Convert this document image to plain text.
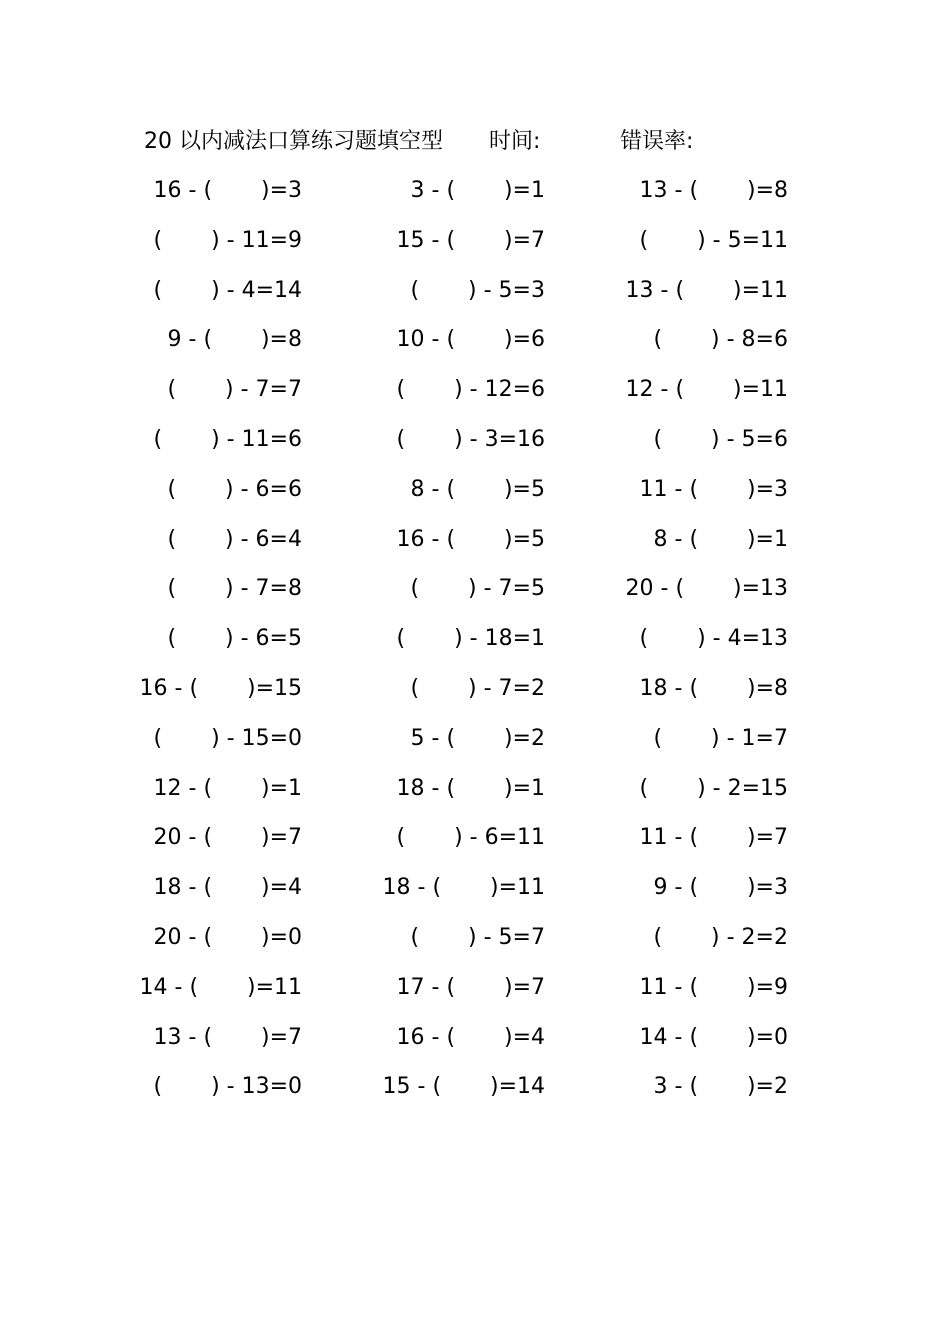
20 以内减法口算练习题填空型 时间:	错误率:
16 - (       )=3	3 - (       )=1	13 - (       )=8
(       ) - 11=9	15 - (       )=7	(       ) - 5=11
(       ) - 4=14	(       ) - 5=3	13 - (       )=11
9 - (       )=8	10 - (       )=6	(       ) - 8=6
(       ) - 7=7	(       ) - 12=6	12 - (       )=11
(       ) - 11=6	(       ) - 3=16	(       ) - 5=6
(       ) - 6=6	8 - (       )=5	11 - (       )=3
(       ) - 6=4	16 - (       )=5	8 - (       )=1
(       ) - 7=8	(       ) - 7=5	20 - (       )=13
(       ) - 6=5	(       ) - 18=1	(       ) - 4=13
16 - (       )=15	(       ) - 7=2	18 - (       )=8
(       ) - 15=0	5 - (       )=2	(       ) - 1=7
12 - (       )=1	18 - (       )=1	(       ) - 2=15
20 - (       )=7	(       ) - 6=11	11 - (       )=7
18 - (       )=4	18 - (       )=11	9 - (       )=3
20 - (       )=0	(       ) - 5=7	(       ) - 2=2
14 - (       )=11	17 - (       )=7	11 - (       )=9
13 - (       )=7	16 - (       )=4	14 - (       )=0
(       ) - 13=0	15 - (       )=14	3 - (       )=2
